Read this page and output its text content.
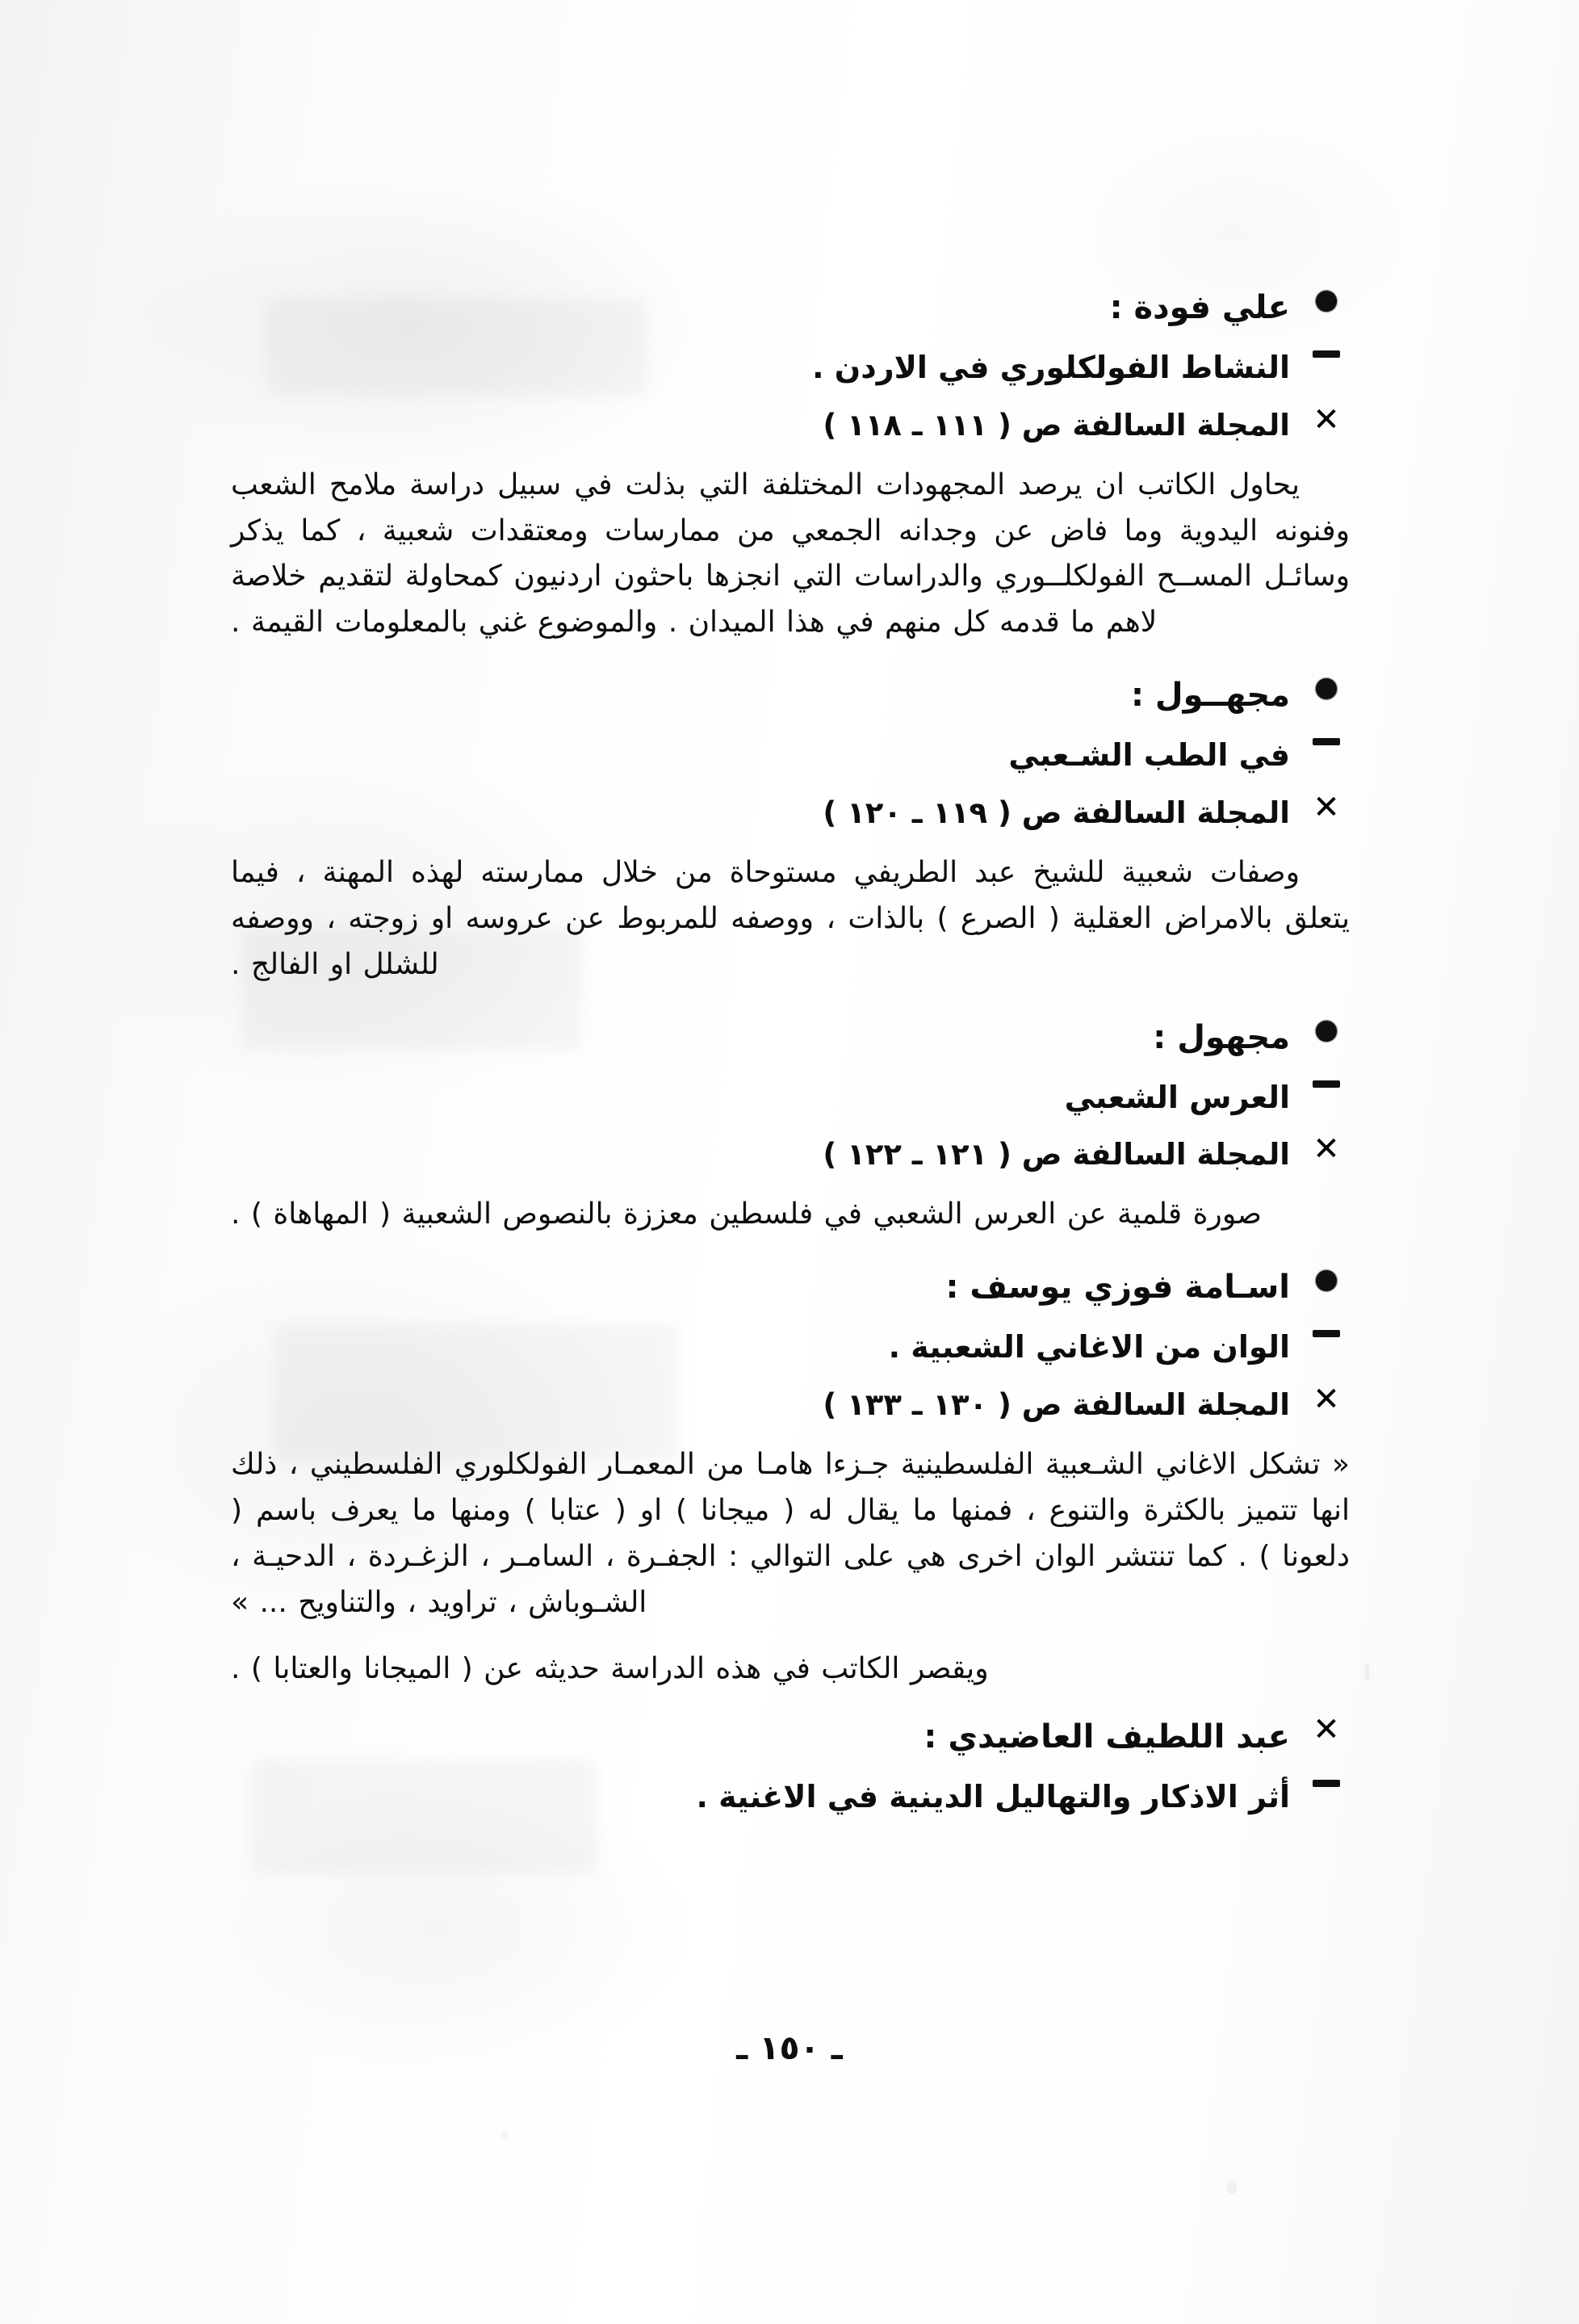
علي فودة :
النشاط الفولكلوري في الاردن .
✕
المجلة السالفة ص ( ١١١ ـ ١١٨ )

يحاول الكاتب ان يرصد المجهودات المختلفة التي بذلت في سبيل دراسة ملامح الشعب وفنونه اليدوية وما فاض عن وجدانه الجمعي من ممارسات ومعتقدات شعبية ، كما يذكر وسائـل المســح الفولكلــوري والدراسات التي انجزها باحثون اردنيون كمحاولة لتقديم خلاصة لاهم ما قدمه كل منهم في هذا الميدان . والموضوع غني بالمعلومات القيمة .

مجهــول :
في الطب الشـعبي
✕
المجلة السالفة ص ( ١١٩ ـ ١٢٠ )

وصفات شعبية للشيخ عبد الطريفي مستوحاة من خلال ممارسته لهذه المهنة ، فيما يتعلق بالامراض العقلية ( الصرع ) بالذات ، ووصفه للمربوط عن عروسه او زوجته ، ووصفه للشلل او الفالج .

مجهول :
العرس الشعبي
✕
المجلة السالفة ص ( ١٢١ ـ ١٢٢ )

صورة قلمية عن العرس الشعبي في فلسطين معززة بالنصوص الشعبية ( المهاهاة ) .

اسـامة فوزي يوسف :
الوان من الاغاني الشعبية .
✕
المجلة السالفة ص ( ١٣٠ ـ ١٣٣ )

« تشكل الاغاني الشـعبية الفلسطينية جـزءا هامـا من المعمـار الفولكلوري الفلسطيني ، ذلك انها تتميز بالكثرة والتنوع ، فمنها ما يقال له ( ميجانا ) او ( عتابا ) ومنها ما يعرف باسم ( دلعونا ) . كما تنتشر الوان اخرى هي على التوالي : الجفـرة ، السامـر ، الزغـردة ، الدحيـة ، الشـوباش ، تراويد ، والتناويح ... »

ويقصر الكاتب في هذه الدراسة حديثه عن ( الميجانا والعتابا ) .

✕
عبد اللطيف العاضيدي :
أثر الاذكار والتهاليل الدينية في الاغنية .
ـ ١٥٠ ـ
